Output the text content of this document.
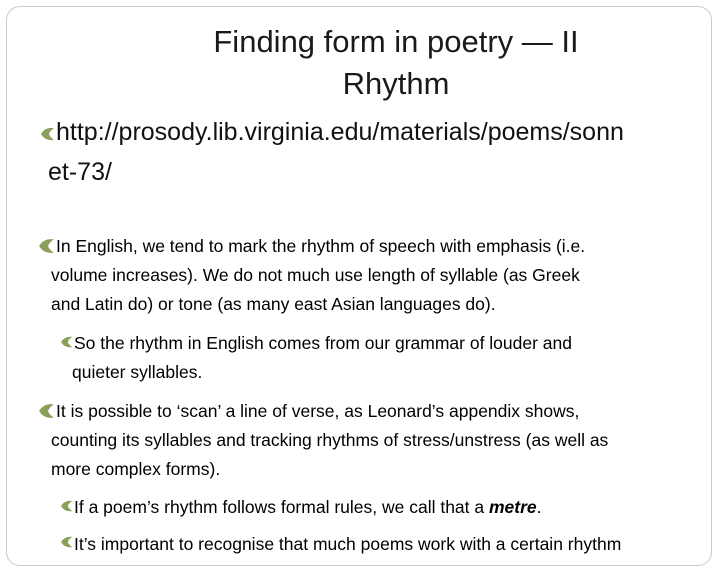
Finding form in poetry — II
Rhythm
http://prosody.lib.virginia.edu/materials/poems/sonn
et-73/
In English, we tend to mark the rhythm of speech with emphasis (i.e.
volume increases). We do not much use length of syllable (as Greek
and Latin do) or tone (as many east Asian languages do).
So the rhythm in English comes from our grammar of louder and
quieter syllables.
It is possible to ‘scan’ a line of verse, as Leonard’s appendix shows,
counting its syllables and tracking rhythms of stress/unstress (as well as
more complex forms).
If a poem’s rhythm follows formal rules, we call that a metre.
It’s important to recognise that much poems work with a certain rhythm
